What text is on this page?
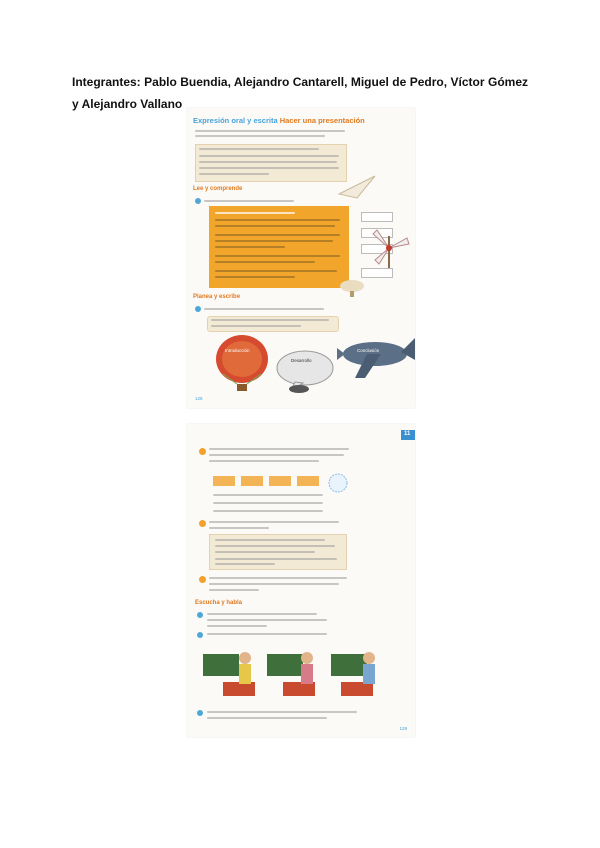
Integrantes: Pablo Buendia, Alejandro Cantarell, Miguel de Pedro, Víctor Gómez y Alejandro Vallano
Expresión oral y escrita Hacer una presentación
Lee y comprende
Planea y escribe
Introducción
Desarrollo
Conclusión
128
11
Escucha y habla
129
